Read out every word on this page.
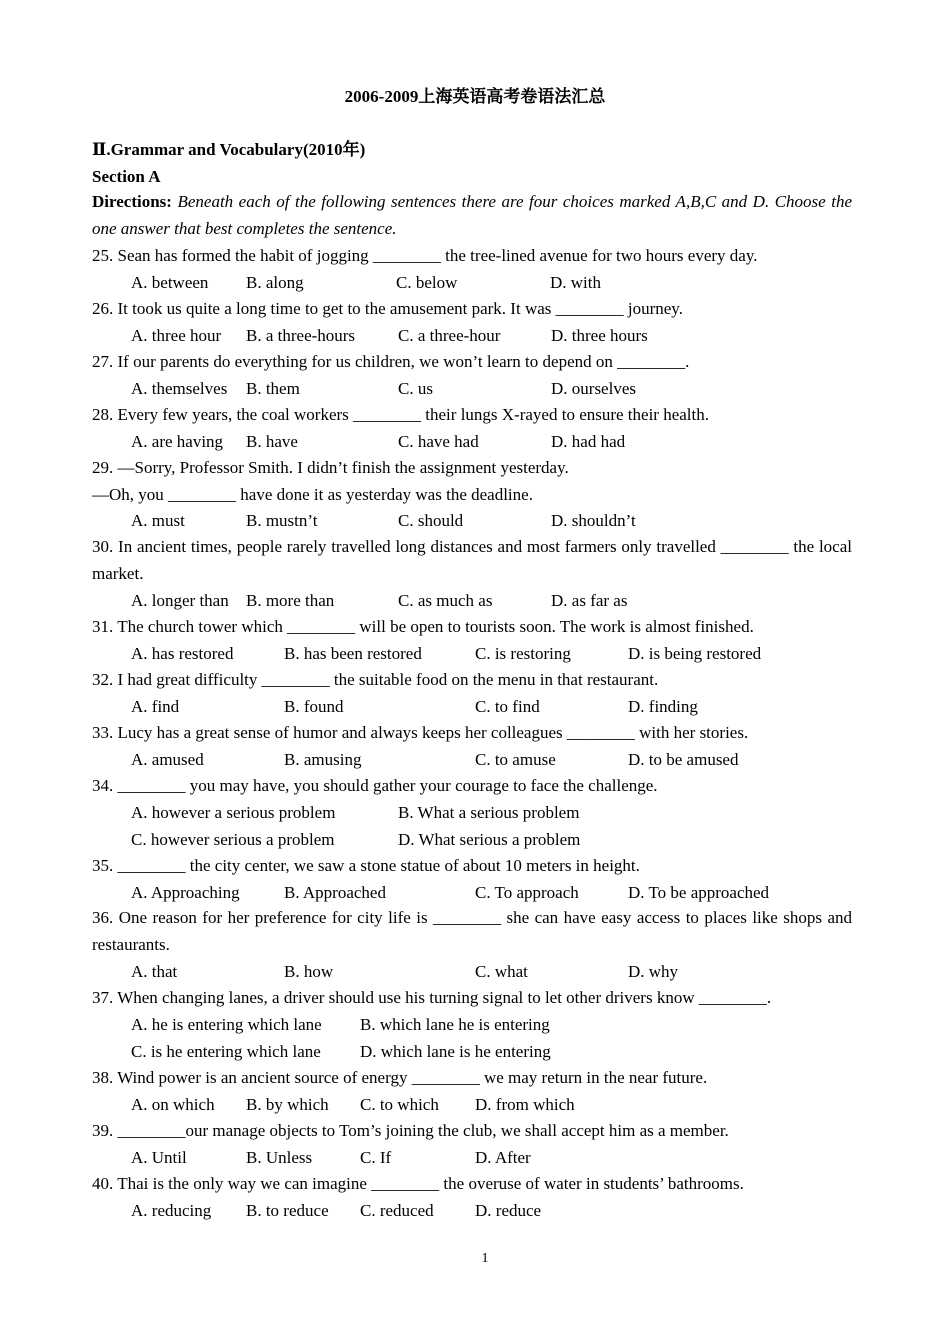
2006-2009上海英语高考卷语法汇总
Ⅱ.Grammar and Vocabulary(2010年)
Section A
Directions: Beneath each of the following sentences there are four choices marked A,B,C and D. Choose the one answer that best completes the sentence.
25. Sean has formed the habit of jogging ________ the tree-lined avenue for two hours every day.
A. between B. along	C. below	D. with
26. It took us quite a long time to get to the amusement park. It was ________ journey.
A. three hour B. a three-hours	C. a three-hour	D. three hours
27. If our parents do everything for us children, we won’t learn to depend on ________.
A. themselves B. them	C. us	D. ourselves
28. Every few years, the coal workers ________ their lungs X-rayed to ensure their health.
A. are having B. have	C. have had	D. had had
29. —Sorry, Professor Smith. I didn’t finish the assignment yesterday.
—Oh, you ________ have done it as yesterday was the deadline.
A. must	B. mustn’t	C. should	D. shouldn’t
30. In ancient times, people rarely travelled long distances and most farmers only travelled ________ the local market.
A. longer than B. more than	C. as much as	D. as far as
31. The church tower which ________ will be open to tourists soon. The work is almost finished.
A. has restored	B. has been restored	C. is restoring	D. is being restored
32. I had great difficulty ________ the suitable food on the menu in that restaurant.
A. find	B. found	C. to find	D. finding
33. Lucy has a great sense of humor and always keeps her colleagues ________ with her stories.
A. amused	B. amusing	C. to amuse	D. to be amused
34. ________ you may have, you should gather your courage to face the challenge.
A. however a serious problem	B. What a serious problem
C. however serious a problem	D. What serious a problem
35. ________ the city center, we saw a stone statue of about 10 meters in height.
A. Approaching	B. Approached	C. To approach	D. To be approached
36. One reason for her preference for city life is ________ she can have easy access to places like shops and restaurants.
A. that	B. how	C. what	D. why
37. When changing lanes, a driver should use his turning signal to let other drivers know ________.
A. he is entering which lane B. which lane he is entering
C. is he entering which lane D. which lane is he entering
38. Wind power is an ancient source of energy ________ we may return in the near future.
A. on which B. by which C. to which D. from which
39. ________our manage objects to Tom’s joining the club, we shall accept him as a member.
A. Until	B. Unless	C. If	D. After
40. Thai is the only way we can imagine ________ the overuse of water in students’ bathrooms.
A. reducing B. to reduce C. reduced D. reduce
1
